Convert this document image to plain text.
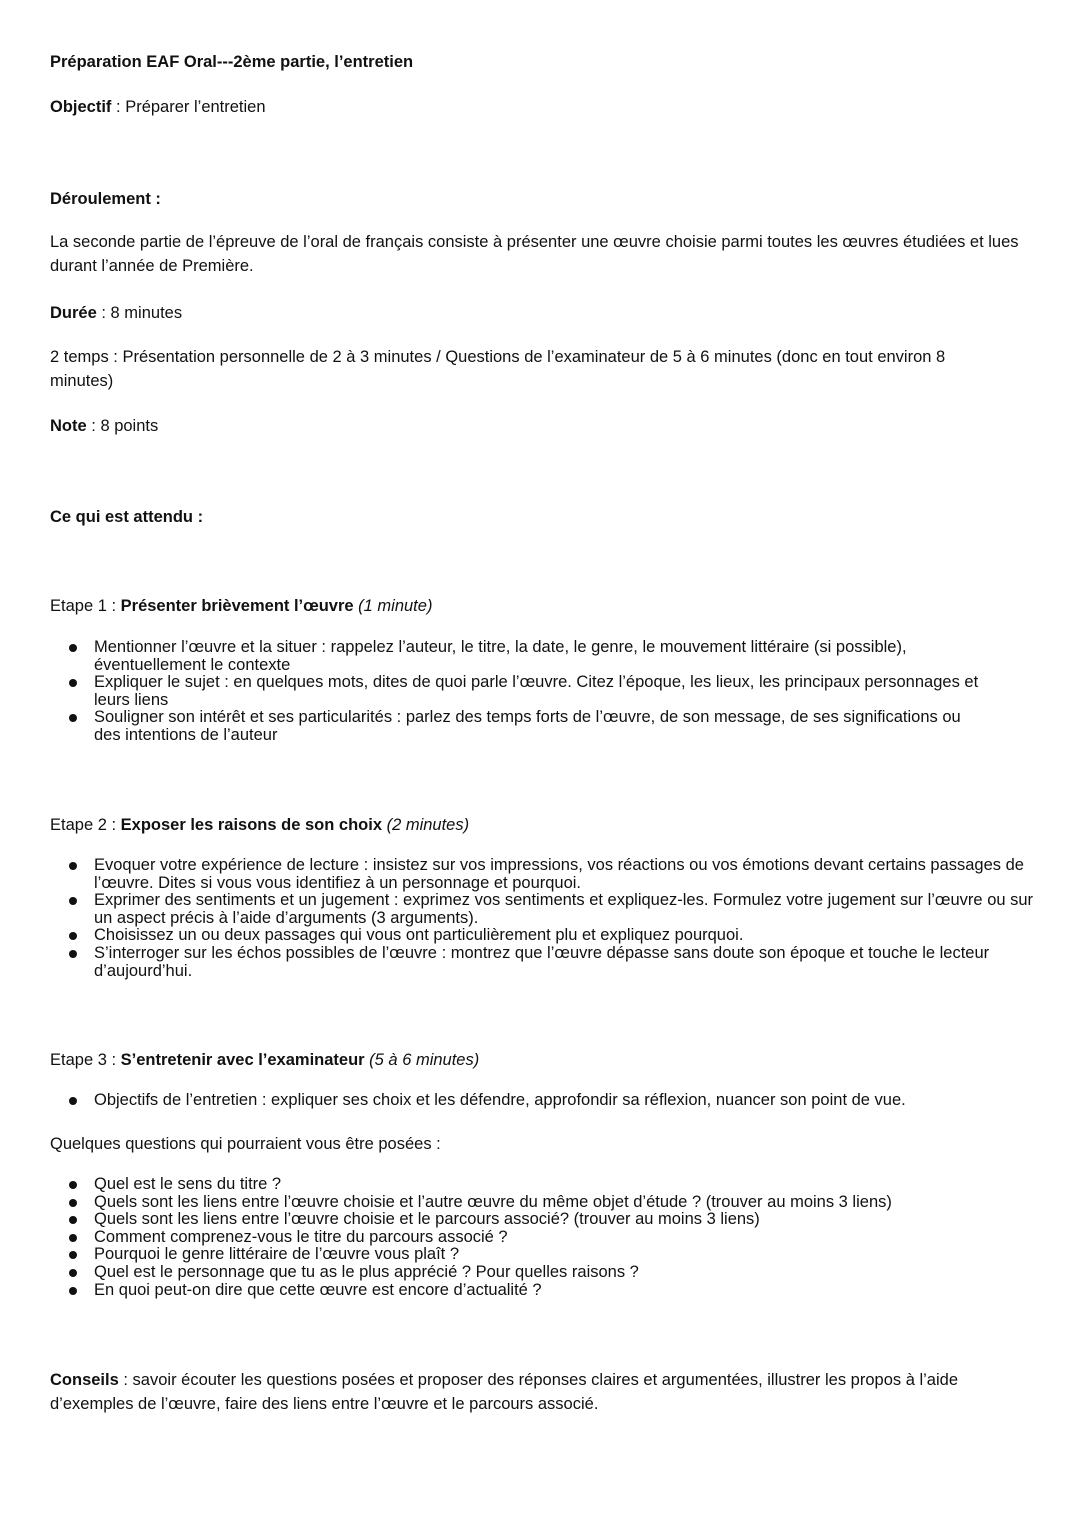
Préparation EAF Oral---2ème partie, l’entretien
Objectif : Préparer l’entretien
Déroulement :
La seconde partie de l’épreuve de l’oral de français consiste à présenter une œuvre choisie parmi toutes les œuvres étudiées et lues durant l’année de Première.
Durée : 8 minutes
2 temps : Présentation personnelle de 2 à 3 minutes / Questions de l’examinateur de 5 à 6 minutes (donc en tout environ 8 minutes)
Note : 8 points
Ce qui est attendu :
Etape 1 : Présenter brièvement l’œuvre (1 minute)
Mentionner l’œuvre et la situer : rappelez l’auteur, le titre, la date, le genre, le mouvement littéraire (si possible), éventuellement le contexte
Expliquer le sujet : en quelques mots, dites de quoi parle l’œuvre. Citez l’époque, les lieux, les principaux personnages et leurs liens
Souligner son intérêt et ses particularités : parlez des temps forts de l’œuvre, de son message, de ses significations ou des intentions de l’auteur
Etape 2 : Exposer les raisons de son choix (2 minutes)
Evoquer votre expérience de lecture : insistez sur vos impressions, vos réactions ou vos émotions devant certains passages de l’œuvre. Dites si vous vous identifiez à un personnage et pourquoi.
Exprimer des sentiments et un jugement : exprimez vos sentiments et expliquez-les. Formulez votre jugement sur l’œuvre ou sur un aspect précis à l’aide d’arguments (3 arguments).
Choisissez un ou deux passages qui vous ont particulièrement plu et expliquez pourquoi.
S’interroger sur les échos possibles de l’œuvre : montrez que l’œuvre dépasse sans doute son époque et touche le lecteur d’aujourd’hui.
Etape 3 : S’entretenir avec l’examinateur (5 à 6 minutes)
Objectifs de l’entretien : expliquer ses choix et les défendre, approfondir sa réflexion, nuancer son point de vue.
Quelques questions qui pourraient vous être posées :
Quel est le sens du titre ?
Quels sont les liens entre l’œuvre choisie et l’autre œuvre du même objet d’étude ? (trouver au moins 3 liens)
Quels sont les liens entre l’œuvre choisie et le parcours associé? (trouver au moins 3 liens)
Comment comprenez-vous le titre du parcours associé ?
Pourquoi le genre littéraire de l’œuvre vous plaît ?
Quel est le personnage que tu as le plus apprécié ? Pour quelles raisons ?
En quoi peut-on dire que cette œuvre est encore d’actualité ?
Conseils : savoir écouter les questions posées et proposer des réponses claires et argumentées, illustrer les propos à l’aide d’exemples de l’œuvre, faire des liens entre l’œuvre et le parcours associé.
